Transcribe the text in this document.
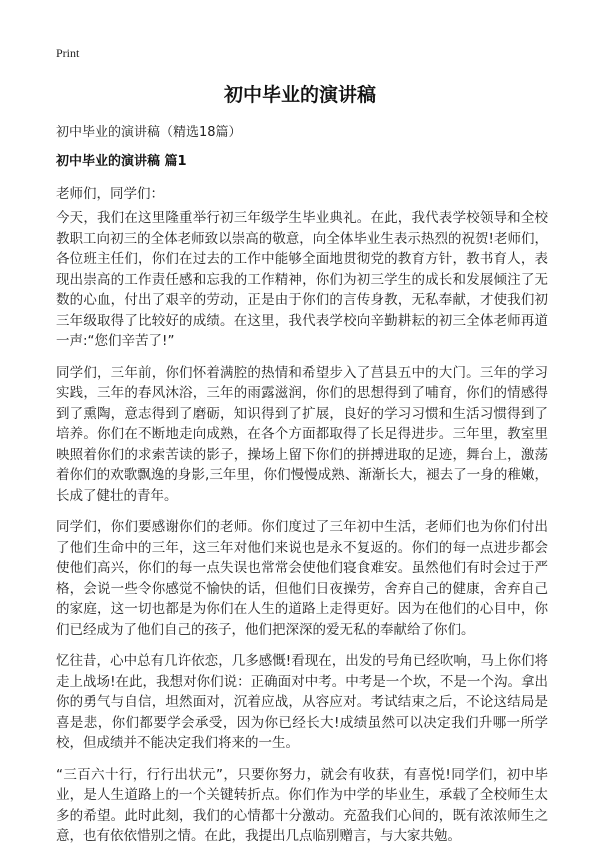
Print
初中毕业的演讲稿
初中毕业的演讲稿（精选18篇）
初中毕业的演讲稿 篇1
老师们，同学们：

今天，我们在这里隆重举行初三年级学生毕业典礼。在此，我代表学校领导和全校教职工向初三的全体老师致以崇高的敬意，向全体毕业生表示热烈的祝贺!老师们，各位班主任们，你们在过去的工作中能够全面地贯彻党的教育方针，教书育人，表现出崇高的工作责任感和忘我的工作精神，你们为初三学生的成长和发展倾注了无数的心血，付出了艰辛的劳动，正是由于你们的言传身教，无私奉献，才使我们初三年级取得了比较好的成绩。在这里，我代表学校向辛勤耕耘的初三全体老师再道一声:“您们辛苦了!”

同学们，三年前，你们怀着满腔的热情和希望步入了莒县五中的大门。三年的学习实践，三年的春风沐浴，三年的雨露滋润，你们的思想得到了哺育，你们的情感得到了熏陶，意志得到了磨砺，知识得到了扩展，良好的学习习惯和生活习惯得到了培养。你们在不断地走向成熟，在各个方面都取得了长足得进步。三年里，教室里映照着你们的求索苦读的影子，操场上留下你们的拼搏进取的足迹，舞台上，激荡着你们的欢歌飘逸的身影,三年里，你们慢慢成熟、渐渐长大，褪去了一身的稚嫩，长成了健壮的青年。

同学们，你们要感谢你们的老师。你们度过了三年初中生活，老师们也为你们付出了他们生命中的三年，这三年对他们来说也是永不复返的。你们的每一点进步都会使他们高兴，你们的每一点失误也常常会使他们寝食难安。虽然他们有时会过于严格，会说一些令你感觉不愉快的话，但他们日夜操劳，舍弃自己的健康，舍弃自己的家庭，这一切也都是为你们在人生的道路上走得更好。因为在他们的心目中，你们已经成为了他们自己的孩子，他们把深深的爱无私的奉献给了你们。

忆往昔，心中总有几许依恋，几多感慨!看现在，出发的号角已经吹响，马上你们将走上战场!在此，我想对你们说：正确面对中考。中考是一个坎，不是一个沟。拿出你的勇气与自信，坦然面对，沉着应战，从容应对。考试结束之后，不论这结局是喜是悲，你们都要学会承受，因为你已经长大!成绩虽然可以决定我们升哪一所学校，但成绩并不能决定我们将来的一生。

“三百六十行，行行出状元”，只要你努力，就会有收获，有喜悦!同学们，初中毕业，是人生道路上的一个关键转折点。你们作为中学的毕业生，承载了全校师生太多的希望。此时此刻，我们的心情都十分激动。充盈我们心间的，既有浓浓师生之意，也有依依惜别之情。在此，我提出几点临别赠言，与大家共勉。
